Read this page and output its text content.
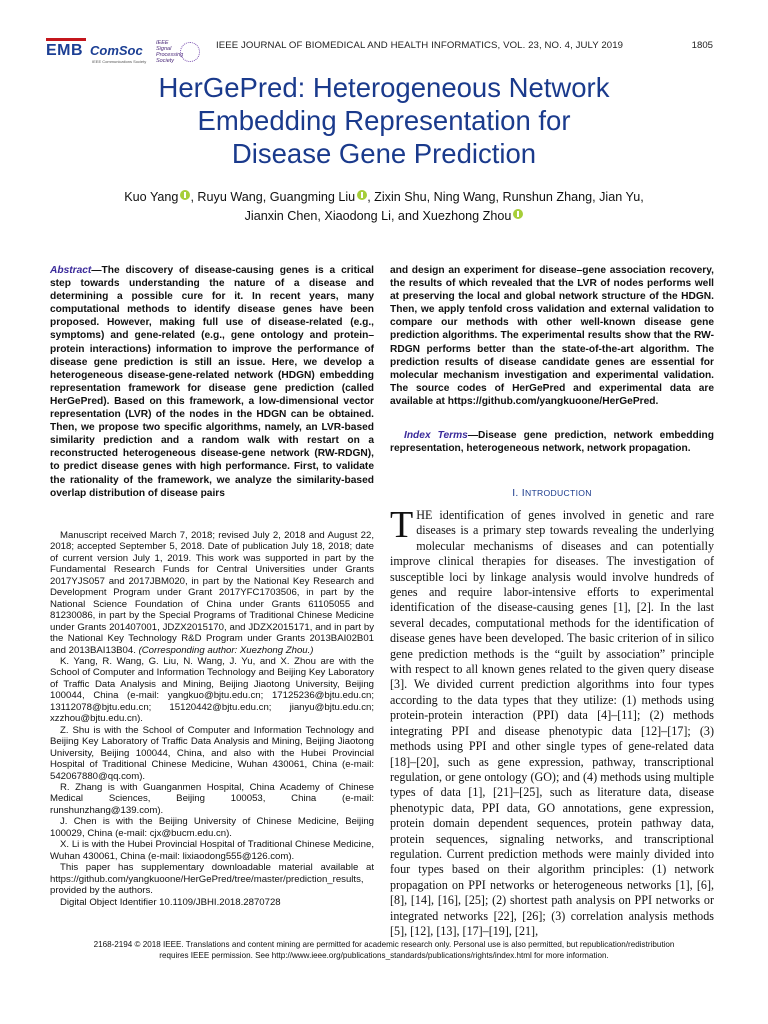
EMB ComSoc
IEEE Communications Society
IEEE Signal Processing Society
IEEE JOURNAL OF BIOMEDICAL AND HEALTH INFORMATICS, VOL. 23, NO. 4, JULY 2019	1805
HerGePred: Heterogeneous Network
Embedding Representation for
Disease Gene Prediction
Kuo Yang , Ruyu Wang, Guangming Liu , Zixin Shu, Ning Wang, Runshun Zhang, Jian Yu,
Jianxin Chen, Xiaodong Li, and Xuezhong Zhou
Abstract—The discovery of disease-causing genes is a critical step towards understanding the nature of a disease and determining a possible cure for it. In recent years, many computational methods to identify disease genes have been proposed. However, making full use of disease-related (e.g., symptoms) and gene-related (e.g., gene ontology and protein–protein interactions) information to improve the performance of disease gene prediction is still an issue. Here, we develop a heterogeneous disease-gene-related network (HDGN) embedding representation framework for disease gene prediction (called HerGePred). Based on this framework, a low-dimensional vector representation (LVR) of the nodes in the HDGN can be obtained. Then, we propose two specific algorithms, namely, an LVR-based similarity prediction and a random walk with restart on a reconstructed heterogeneous disease-gene network (RW-RDGN), to predict disease genes with high performance. First, to validate the rationality of the framework, we analyze the similarity-based overlap distribution of disease pairs
and design an experiment for disease–gene association recovery, the results of which revealed that the LVR of nodes performs well at preserving the local and global network structure of the HDGN. Then, we apply tenfold cross validation and external validation to compare our methods with other well-known disease gene prediction algorithms. The experimental results show that the RW-RDGN performs better than the state-of-the-art algorithm. The prediction results of disease candidate genes are essential for molecular mechanism investigation and experimental validation. The source codes of HerGePred and experimental data are available at https://github.com/yangkuoone/HerGePred.
Index Terms—Disease gene prediction, network embedding representation, heterogeneous network, network propagation.
I. INTRODUCTION
THE identification of genes involved in genetic and rare diseases is a primary step towards revealing the underlying molecular mechanisms of diseases and can potentially improve clinical therapies for diseases. The investigation of susceptible loci by linkage analysis would involve hundreds of genes and require labor-intensive efforts to experimental identification of the disease-causing genes [1], [2]. In the last several decades, computational methods for the identification of disease genes have been developed. The basic criterion of in silico gene prediction methods is the “guilt by association” principle with respect to all known genes related to the given query disease [3]. We divided current prediction algorithms into four types according to the data types that they utilize: (1) methods using protein-protein interaction (PPI) data [4]–[11]; (2) methods integrating PPI and disease phenotypic data [12]–[17]; (3) methods using PPI and other single types of gene-related data [18]–[20], such as gene expression, pathway, transcriptional regulation, or gene ontology (GO); and (4) methods using multiple types of data [1], [21]–[25], such as literature data, disease phenotypic data, PPI data, GO annotations, gene expression, protein domain dependent sequences, protein pathway data, protein sequences, signaling networks, and transcriptional regulation. Current prediction methods were mainly divided into four types based on their algorithm principles: (1) network propagation on PPI networks or heterogeneous networks [1], [6], [8], [14], [16], [25]; (2) shortest path analysis on PPI networks or integrated networks [22], [26]; (3) correlation analysis methods [5], [12], [13], [17]–[19], [21],

Manuscript received March 7, 2018; revised July 2, 2018 and August 22, 2018; accepted September 5, 2018. Date of publication July 18, 2018; date of current version July 1, 2019. This work was supported in part by the Fundamental Research Funds for Central Universities under Grants 2017YJS057 and 2017JBM020, in part by the National Key Research and Development Program under Grant 2017YFC1703506, in part by the National Science Foundation of China under Grants 61105055 and 81230086, in part by the Special Programs of Traditional Chinese Medicine under Grants 201407001, JDZX2015170, and JDZX2015171, and in part by the National Key Technology R&D Program under Grants 2013BAI02B01 and 2013BAI13B04. (Corresponding author: Xuezhong Zhou.)

K. Yang, R. Wang, G. Liu, N. Wang, J. Yu, and X. Zhou are with the School of Computer and Information Technology and Beijing Key Laboratory of Traffic Data Analysis and Mining, Beijing Jiaotong University, Beijing 100044, China (e-mail: yangkuo@bjtu.edu.cn; 17125236@bjtu.edu.cn; 13112078@bjtu.edu.cn; 15120442@bjtu.edu.cn; jianyu@bjtu.edu.cn; xzzhou@bjtu.edu.cn).

Z. Shu is with the School of Computer and Information Technology and Beijing Key Laboratory of Traffic Data Analysis and Mining, Beijing Jiaotong University, Beijing 100044, China, and also with the Hubei Provincial Hospital of Traditional Chinese Medicine, Wuhan 430061, China (e-mail: 542067880@qq.com).

R. Zhang is with Guanganmen Hospital, China Academy of Chinese Medical Sciences, Beijing 100053, China (e-mail: runshunzhang@139.com).

J. Chen is with the Beijing University of Chinese Medicine, Beijing 100029, China (e-mail: cjx@bucm.edu.cn).

X. Li is with the Hubei Provincial Hospital of Traditional Chinese Medicine, Wuhan 430061, China (e-mail: lixiaodong555@126.com).

This paper has supplementary downloadable material available at https://github.com/yangkuoone/HerGePred/tree/master/prediction_results, provided by the authors.

Digital Object Identifier 10.1109/JBHI.2018.2870728

2168-2194 © 2018 IEEE. Translations and content mining are permitted for academic research only. Personal use is also permitted, but republication/redistribution
requires IEEE permission. See http://www.ieee.org/publications_standards/publications/rights/index.html for more information.
